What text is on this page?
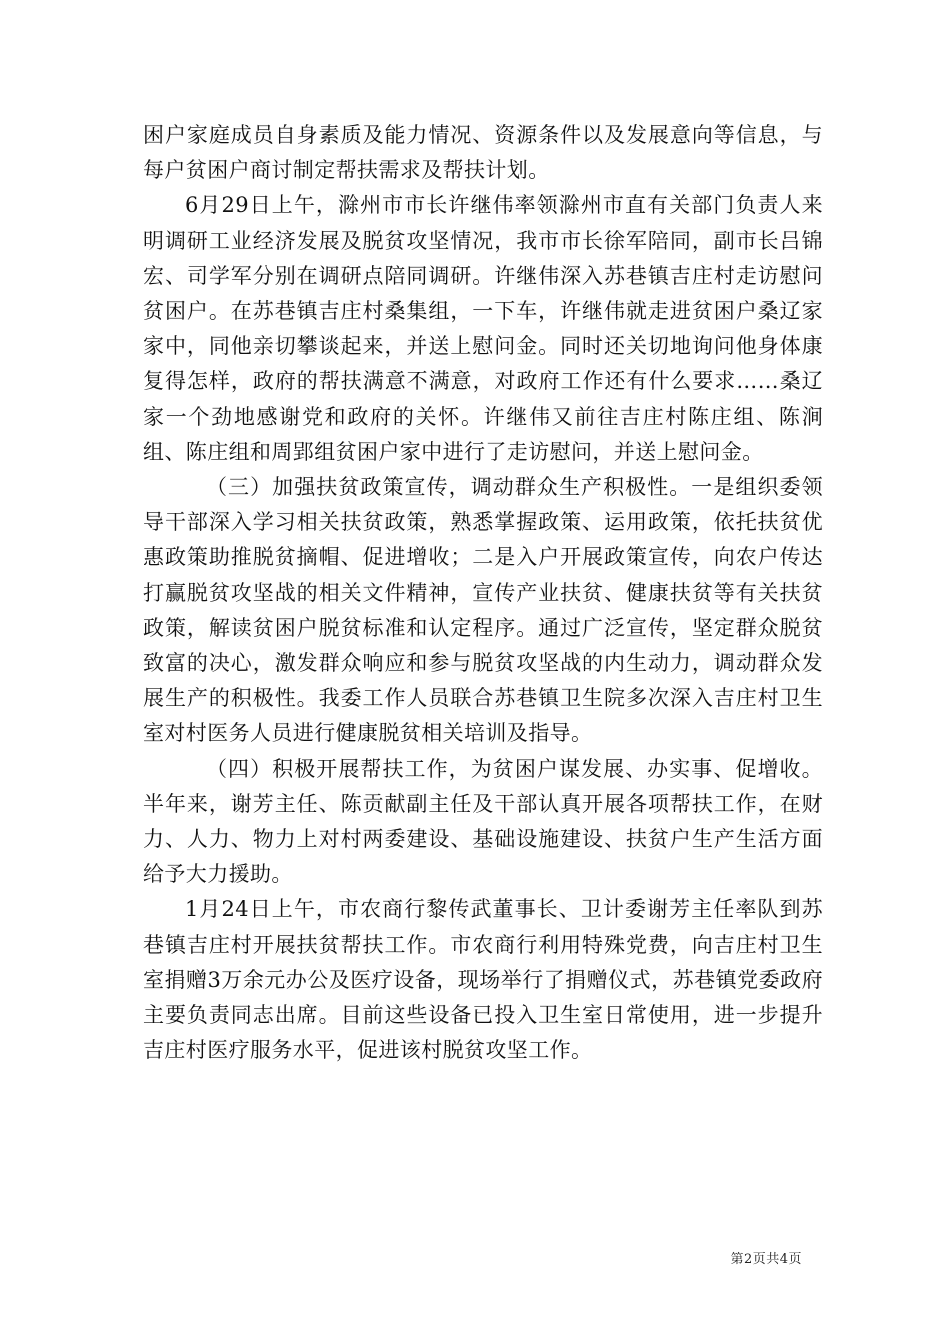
困户家庭成员自身素质及能力情况、资源条件以及发展意向等信息，与每户贫困户商讨制定帮扶需求及帮扶计划。

6月29日上午，滁州市市长许继伟率领滁州市直有关部门负责人来明调研工业经济发展及脱贫攻坚情况，我市市长徐军陪同，副市长吕锦宏、司学军分别在调研点陪同调研。许继伟深入苏巷镇吉庄村走访慰问贫困户。在苏巷镇吉庄村桑集组，一下车，许继伟就走进贫困户桑辽家家中，同他亲切攀谈起来，并送上慰问金。同时还关切地询问他身体康复得怎样，政府的帮扶满意不满意，对政府工作还有什么要求……桑辽家一个劲地感谢党和政府的关怀。许继伟又前往吉庄村陈庄组、陈涧组、陈庄组和周郢组贫困户家中进行了走访慰问，并送上慰问金。

（三）加强扶贫政策宣传，调动群众生产积极性。一是组织委领导干部深入学习相关扶贫政策，熟悉掌握政策、运用政策，依托扶贫优惠政策助推脱贫摘帽、促进增收；二是入户开展政策宣传，向农户传达打赢脱贫攻坚战的相关文件精神，宣传产业扶贫、健康扶贫等有关扶贫政策，解读贫困户脱贫标准和认定程序。通过广泛宣传，坚定群众脱贫致富的决心，激发群众响应和参与脱贫攻坚战的内生动力，调动群众发展生产的积极性。我委工作人员联合苏巷镇卫生院多次深入吉庄村卫生室对村医务人员进行健康脱贫相关培训及指导。

（四）积极开展帮扶工作，为贫困户谋发展、办实事、促增收。半年来，谢芳主任、陈贡献副主任及干部认真开展各项帮扶工作，在财力、人力、物力上对村两委建设、基础设施建设、扶贫户生产生活方面给予大力援助。

1月24日上午，市农商行黎传武董事长、卫计委谢芳主任率队到苏巷镇吉庄村开展扶贫帮扶工作。市农商行利用特殊党费，向吉庄村卫生室捐赠3万余元办公及医疗设备，现场举行了捐赠仪式，苏巷镇党委政府主要负责同志出席。目前这些设备已投入卫生室日常使用，进一步提升吉庄村医疗服务水平，促进该村脱贫攻坚工作。

第2页共4页
